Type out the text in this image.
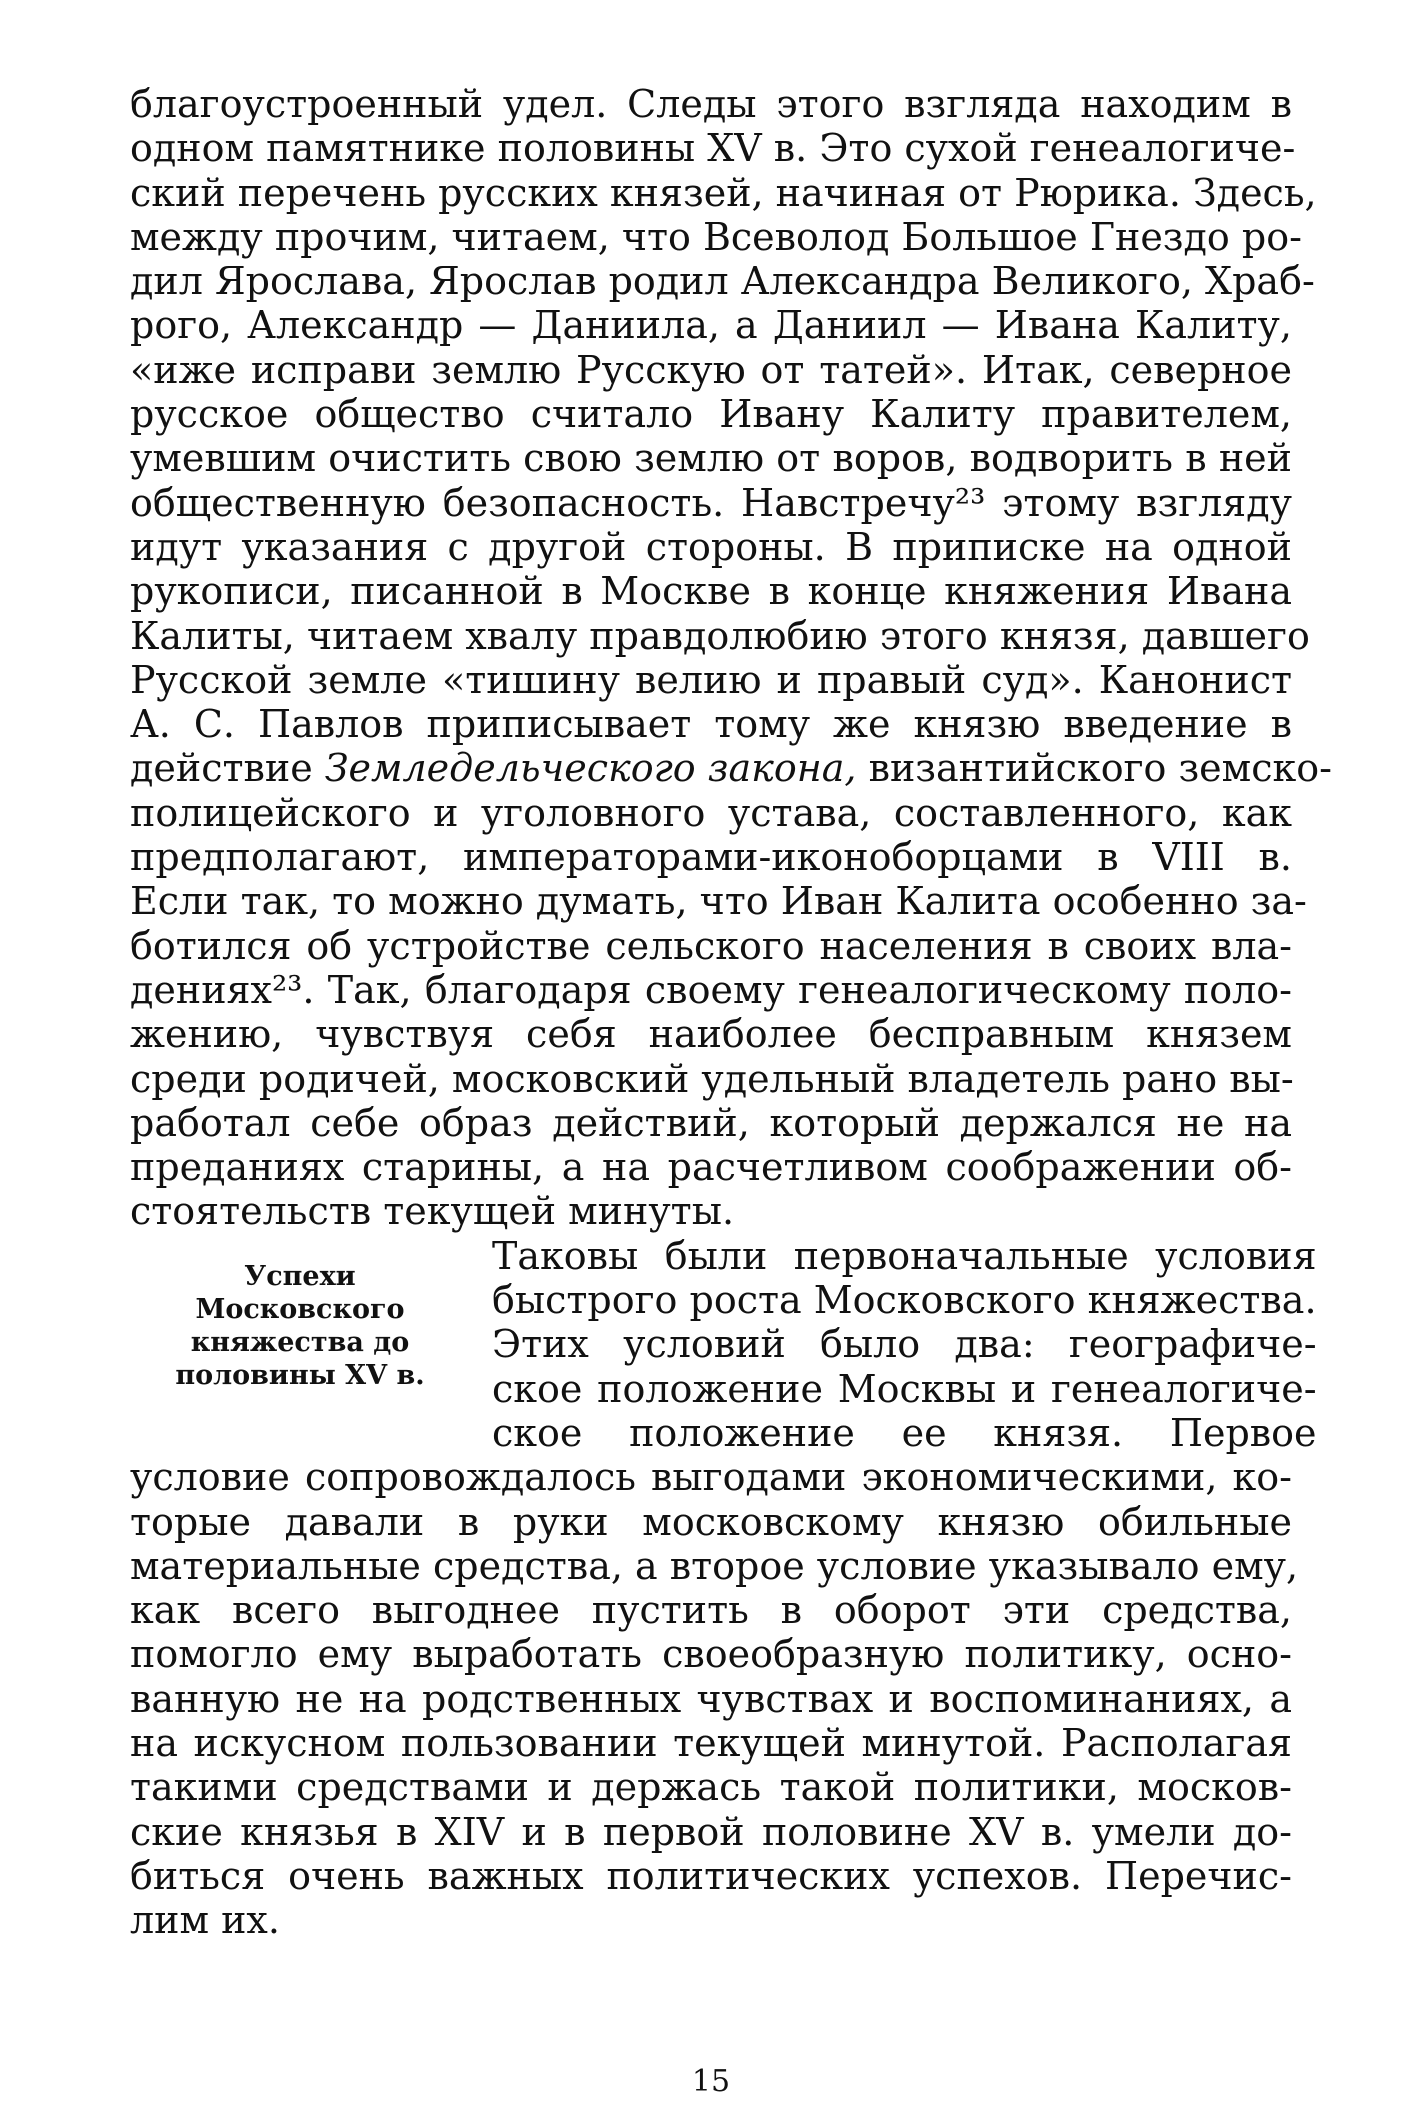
благоустроенный удел. Следы этого взгляда находим в
одном памятнике половины XV в. Это сухой генеалогиче-
ский перечень русских князей, начиная от Рюрика. Здесь,
между прочим, читаем, что Всеволод Большое Гнездо ро-
дил Ярослава, Ярослав родил Александра Великого, Храб-
рого, Александр — Даниила, а Даниил — Ивана Калиту,
«иже исправи землю Русскую от татей». Итак, северное
русское общество считало Ивану Калиту правителем,
умевшим очистить свою землю от воров, водворить в ней
общественную безопасность. Навстречу²³ этому взгляду
идут указания с другой стороны. В приписке на одной
рукописи, писанной в Москве в конце княжения Ивана
Калиты, читаем хвалу правдолюбию этого князя, давшего
Русской земле «тишину велию и правый суд». Канонист
А. С. Павлов приписывает тому же князю введение в
действие Земледельческого закона, византийского земско-
полицейского и уголовного устава, составленного, как
предполагают, императорами-иконоборцами в VIII в.
Если так, то можно думать, что Иван Калита особенно за-
ботился об устройстве сельского населения в своих вла-
дениях²³. Так, благодаря своему генеалогическому поло-
жению, чувствуя себя наиболее бесправным князем
среди родичей, московский удельный владетель рано вы-
работал себе образ действий, который держался не на
преданиях старины, а на расчетливом соображении об-
стоятельств текущей минуты.
Успехи
Московского
княжества до
половины XV в.
Таковы были первоначальные условия
быстрого роста Московского княжества.
Этих условий было два: географиче-
ское положение Москвы и генеалогиче-
ское положение ее князя. Первое
условие сопровождалось выгодами экономическими, ко-
торые давали в руки московскому князю обильные
материальные средства, а второе условие указывало ему,
как всего выгоднее пустить в оборот эти средства,
помогло ему выработать своеобразную политику, осно-
ванную не на родственных чувствах и воспоминаниях, а
на искусном пользовании текущей минутой. Располагая
такими средствами и держась такой политики, москов-
ские князья в XIV и в первой половине XV в. умели до-
биться очень важных политических успехов. Перечис-
лим их.
15
